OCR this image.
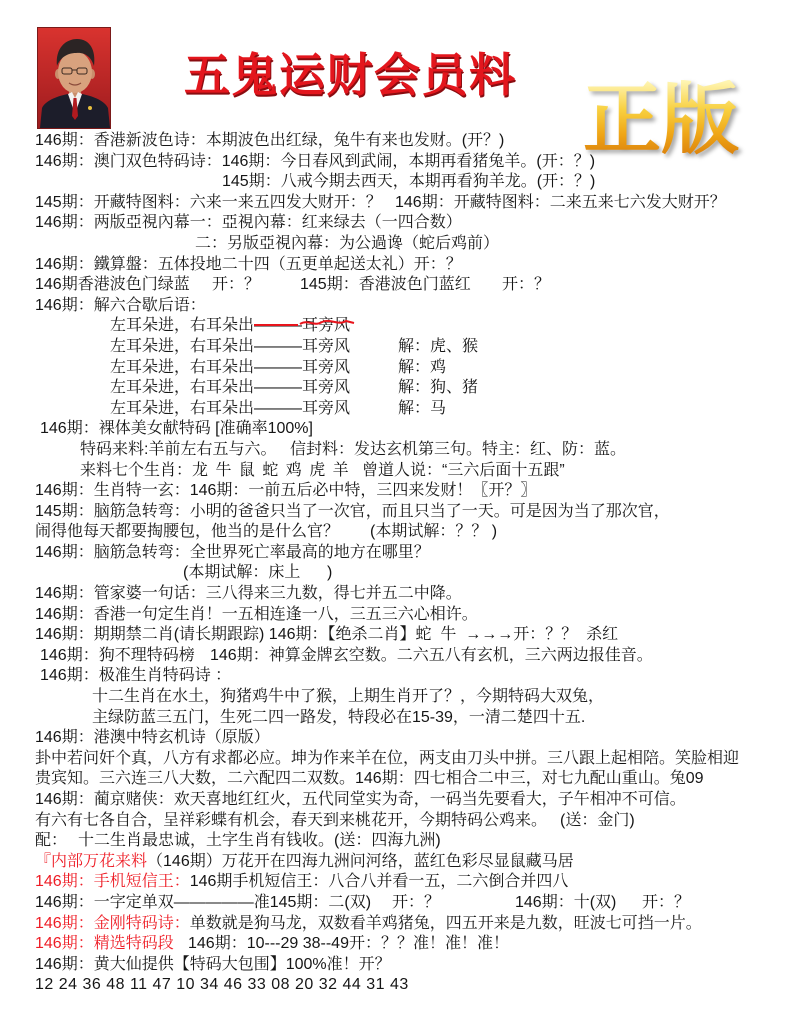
五鬼运财会员料 正版
146期：香港新波色诗：本期波色出红绿，兔牛有来也发财。(开？)
146期：澳门双色特码诗：146期：今日春风到武闹，本期再看猪兔羊。(开：？)
145期：八戒今期去西天，本期再看狗羊龙。(开：？)
145期：开藏特图料：六来一来五四发大财开：？ 146期：开藏特图料：二来五来七六发大财开？
146期：两版亞視內幕一：亞視內幕：红来绿去（一四合数）
二：另版亞視內幕：为公過谗（蛇后鸡前）
146期：鐵算盤：五体投地二十四（五更单起送太礼）开：？
146期香港波色门绿蓝 开：？ 145期：香港波色门蓝红 开：？
146期：解六合歇后语：
左耳朵进，右耳朵出———耳旁风
左耳朵进，右耳朵出———耳旁风	解：虎、猴
左耳朵进，右耳朵出———耳旁风	解：鸡
左耳朵进，右耳朵出———耳旁风	解：狗、猪
左耳朵进，右耳朵出———耳旁风	解：马
146期：裸体美女献特码 [准确率100%]
特码来料:羊前左右五与六。 信封料：发达玄机第三句。特主：红、防：蓝。
来料七个生肖：龙 牛 鼠 蛇 鸡 虎 羊 曾道人说：“三六后面十五跟”
146期：生肖特一玄：146期：一前五后必中特，三四来发财！〖开？〗
145期：脑筋急转弯：小明的爸爸只当了一次官，而且只当了一天。可是因为当了那次官，
闹得他每天都要掏腰包，他当的是什么官？ (本期试解：？？ )
146期：脑筋急转弯：全世界死亡率最高的地方在哪里？
(本期试解：床上      )
146期：管家婆一句话：三八得来三九数，得七并五二中降。
146期：香港一句定生肖！一五相连逢一八，三五三六心相许。
146期：期期禁二肖(请长期跟踪) 146期：【绝杀二肖】蛇  牛  →→→开：？？  杀红
146期：狗不理特码榜 146期：神算金牌玄空数。二六五八有玄机，三六两边报佳音。
146期：极准生肖特码诗 ：
十二生肖在水土，狗猪鸡牛中了猴，上期生肖开了？，今期特码大双兔，
主绿防蓝三五门，生死二四一路发，特段必在15-39，一清二楚四十五.
146期：港澳中特玄机诗（原版）
卦中若问奸个真，八方有求都必应。坤为作来羊在位，两支由刀头中拼。三八跟上起相陪。笑脸相迎
贵宾知。三六连三八大数，二六配四二双数。146期：四七相合二中三，对七九配山重山。兔09
146期：蔺京赌侠：欢天喜地红红火，五代同堂实为奇，一码当先要看大，子午相冲不可信。
有六有七各自合，呈祥彩蝶有机会，春天到来桃花开，今期特码公鸡来。 (送：金门)
配： 十二生肖最忠诚，土字生肖有钱收。(送：四海九洲)
『内部万花来料（146期）万花开在四海九洲问河络，蓝红色彩尽显鼠藏马居
146期：手机短信王：146期手机短信王：八合八并看一五，二六倒合并四八
146期：一字定单双—————准145期：二(双) 开：？	146期：十(双) 开：？
146期：金刚特码诗：单数就是狗马龙，双数看羊鸡猪兔，四五开来是九数，旺波七可挡一片。
146期：精选特码段 146期：10---29 38--49开：？？准！准！准！
146期：黄大仙提供【特码大包围】100%准！开？
12 24 36 48 11 47 10 34 46 33 08 20 32 44 31 43
